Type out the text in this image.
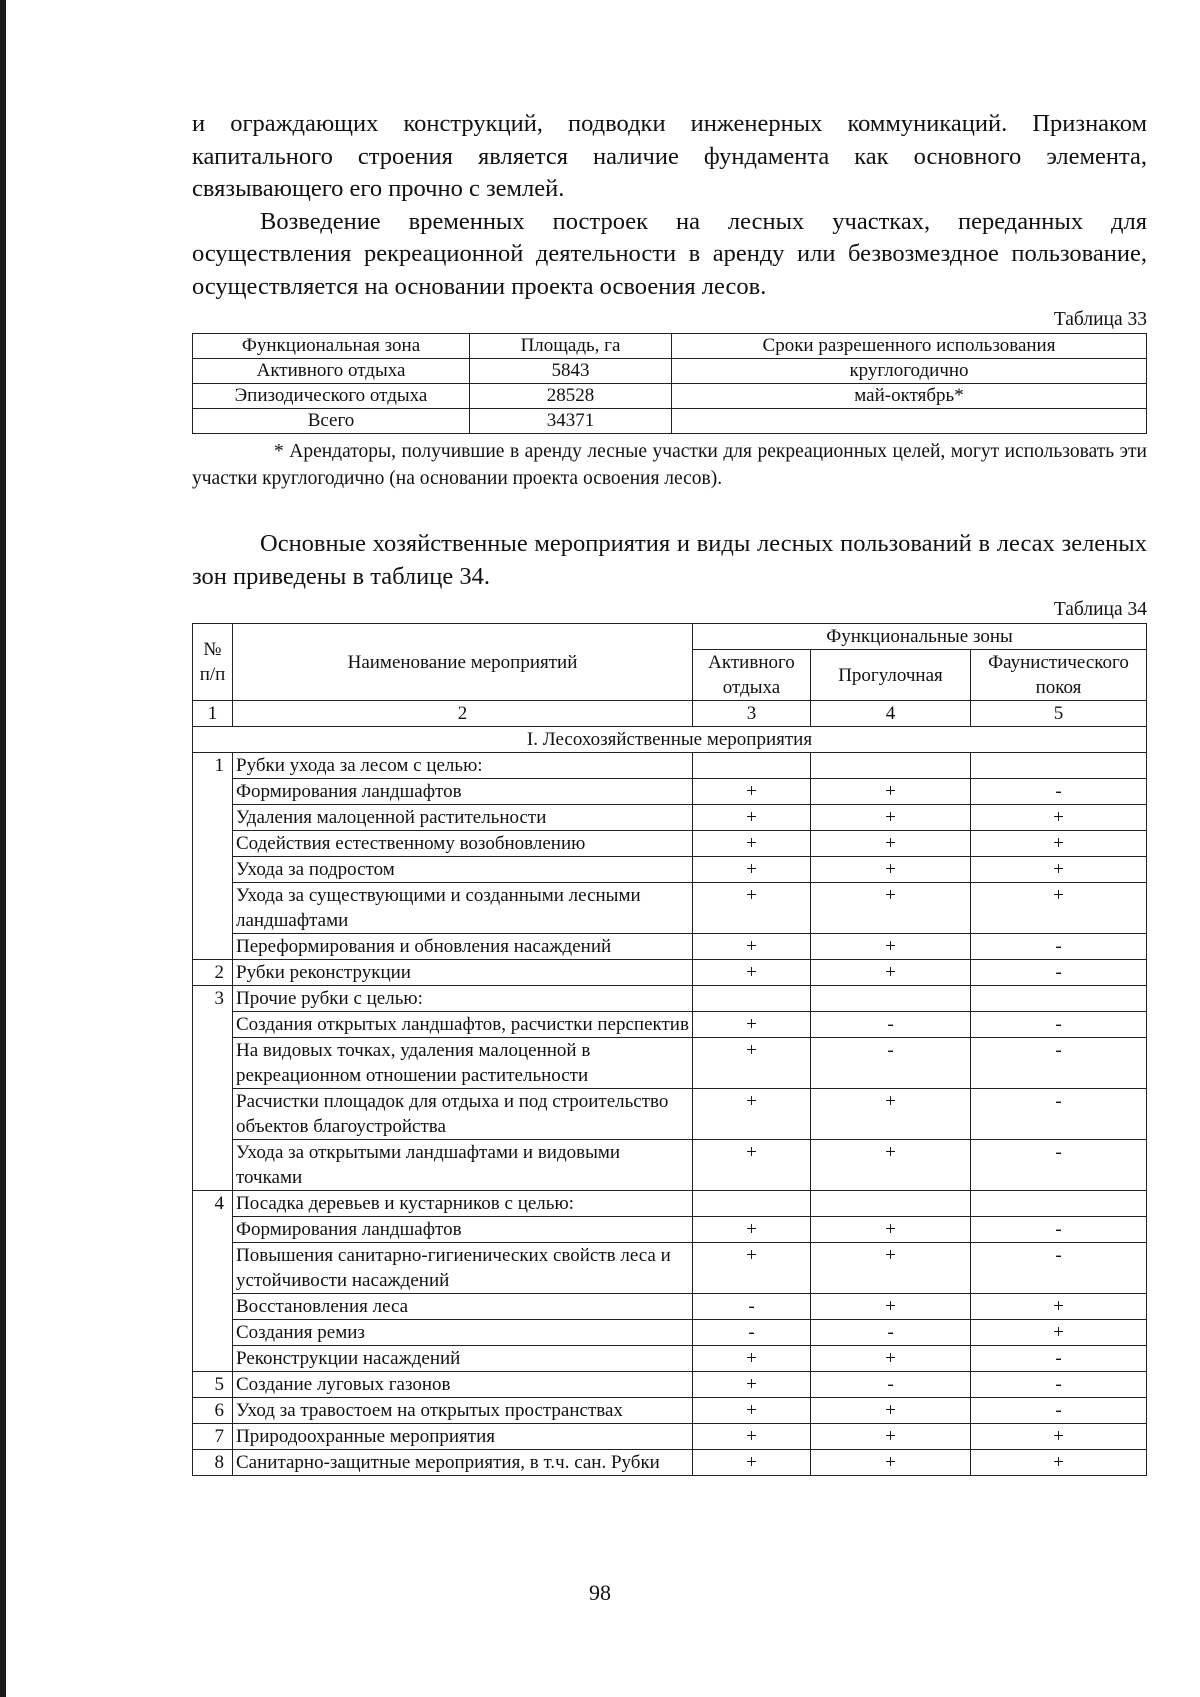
и ограждающих конструкций, подводки инженерных коммуникаций. Признаком капитального строения является наличие фундамента как основного элемента, связывающего его прочно с землей.

Возведение временных построек на лесных участках, переданных для осуществления рекреационной деятельности в аренду или безвозмездное пользование, осуществляется на основании проекта освоения лесов.

Таблица 33
Функциональная зона	Площадь, га	Сроки разрешенного использования
Активного отдыха	5843	круглогодично
Эпизодического отдыха	28528	май-октябрь*
Всего	34371	

* Арендаторы, получившие в аренду лесные участки для рекреационных целей, могут использовать эти участки круглогодично (на основании проекта освоения лесов).

Основные хозяйственные мероприятия и виды лесных пользований в лесах зеленых зон приведены в таблице 34.

Таблица 34
№ п/п	Наименование мероприятий	Функциональные зоны		
		Активного отдыха	Прогулочная	Фаунистического покоя
1	2	3	4	5
I. Лесохозяйственные мероприятия				
1	Рубки ухода за лесом с целью:			
	Формирования ландшафтов	+	+	-
	Удаления малоценной растительности	+	+	+
	Содействия естественному возобновлению	+	+	+
	Ухода за подростом	+	+	+
	Ухода за существующими и созданными лесными ландшафтами	+	+	+
	Переформирования и обновления насаждений	+	+	-
2	Рубки реконструкции	+	+	-
3	Прочие рубки с целью:			
	Создания открытых ландшафтов, расчистки перспектив	+	-	-
	На видовых точках, удаления малоценной в рекреационном отношении растительности	+	-	-
	Расчистки площадок для отдыха и под строительство объектов благоустройства	+	+	-
	Ухода за открытыми ландшафтами и видовыми точками	+	+	-
4	Посадка деревьев и кустарников с целью:			
	Формирования ландшафтов	+	+	-
	Повышения санитарно-гигиенических свойств леса и устойчивости насаждений	+	+	-
	Восстановления леса	-	+	+
	Создания ремиз	-	-	+
	Реконструкции насаждений	+	+	-
5	Создание луговых газонов	+	-	-
6	Уход за травостоем на открытых пространствах	+	+	-
7	Природоохранные мероприятия	+	+	+
8	Санитарно-защитные мероприятия, в т.ч. сан. Рубки	+	+	+
98
